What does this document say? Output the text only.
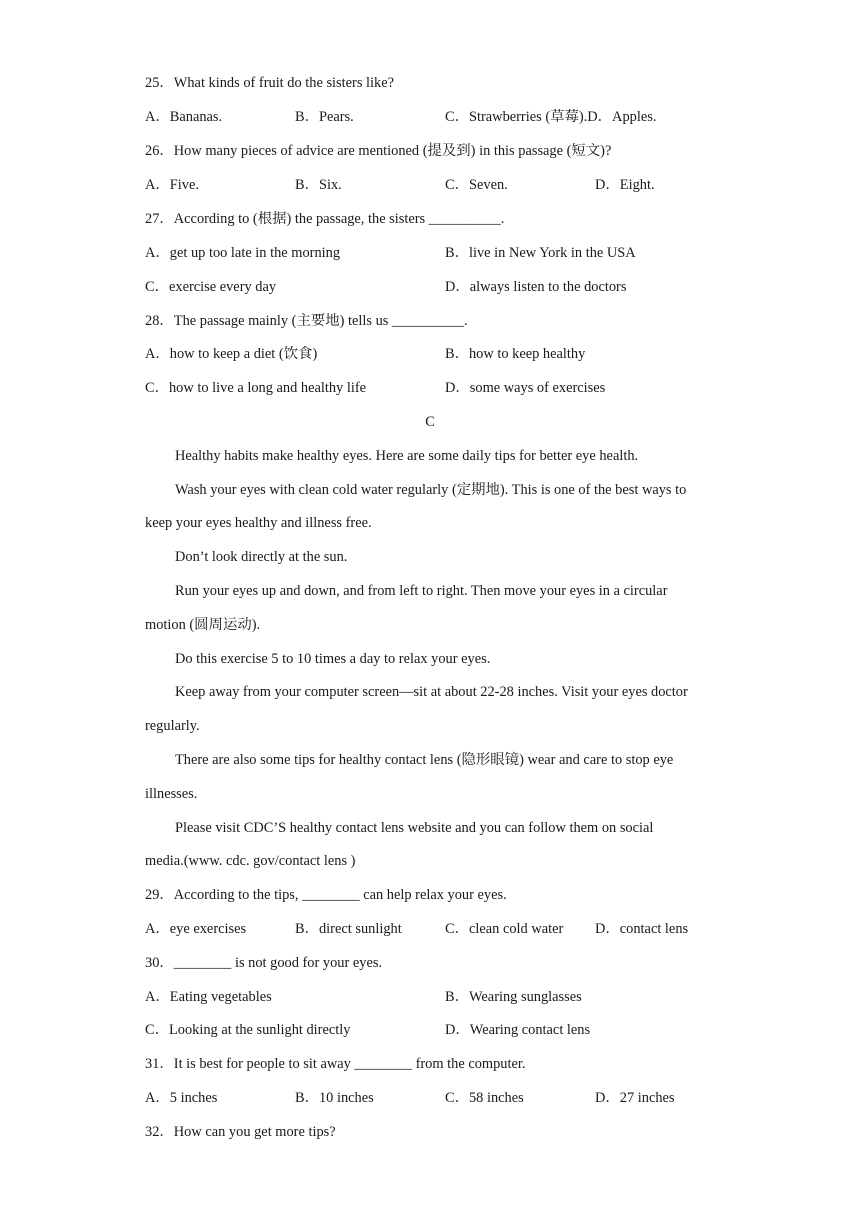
25．What kinds of fruit do the sisters like?
A．Bananas.	B．Pears.	C．Strawberries (草莓).D．Apples.
26．How many pieces of advice are mentioned (提及到) in this passage (短文)?
A．Five.	B．Six.	C．Seven.	D．Eight.
27．According to (根据) the passage, the sisters __________.
A．get up too late in the morning	B．live in New York in the USA
C．exercise every day	D．always listen to the doctors
28．The passage mainly (主要地) tells us __________.
A．how to keep a diet (饮食)	B．how to keep healthy
C．how to live a long and healthy life	D．some ways of exercises
C
Healthy habits make healthy eyes. Here are some daily tips for better eye health.
Wash your eyes with clean cold water regularly (定期地). This is one of the best ways to
keep your eyes healthy and illness free.
Don’t look directly at the sun.
Run your eyes up and down, and from left to right. Then move your eyes in a circular
motion (圆周运动).
Do this exercise 5 to 10 times a day to relax your eyes.
Keep away from your computer screen—sit at about 22-28 inches. Visit your eyes doctor
regularly.
There are also some tips for healthy contact lens (隐形眼镜) wear and care to stop eye
illnesses.
Please visit CDC’S healthy contact lens website and you can follow them on social
media.(www. cdc. gov/contact lens )
29．According to the tips, ________ can help relax your eyes.
A．eye exercises	B．direct sunlight	C．clean cold water D．contact lens
30．________ is not good for your eyes.
A．Eating vegetables	B．Wearing sunglasses
C．Looking at the sunlight directly	D．Wearing contact lens
31．It is best for people to sit away ________ from the computer.
A．5 inches	B．10 inches	C．58 inches	D．27 inches
32．How can you get more tips?
